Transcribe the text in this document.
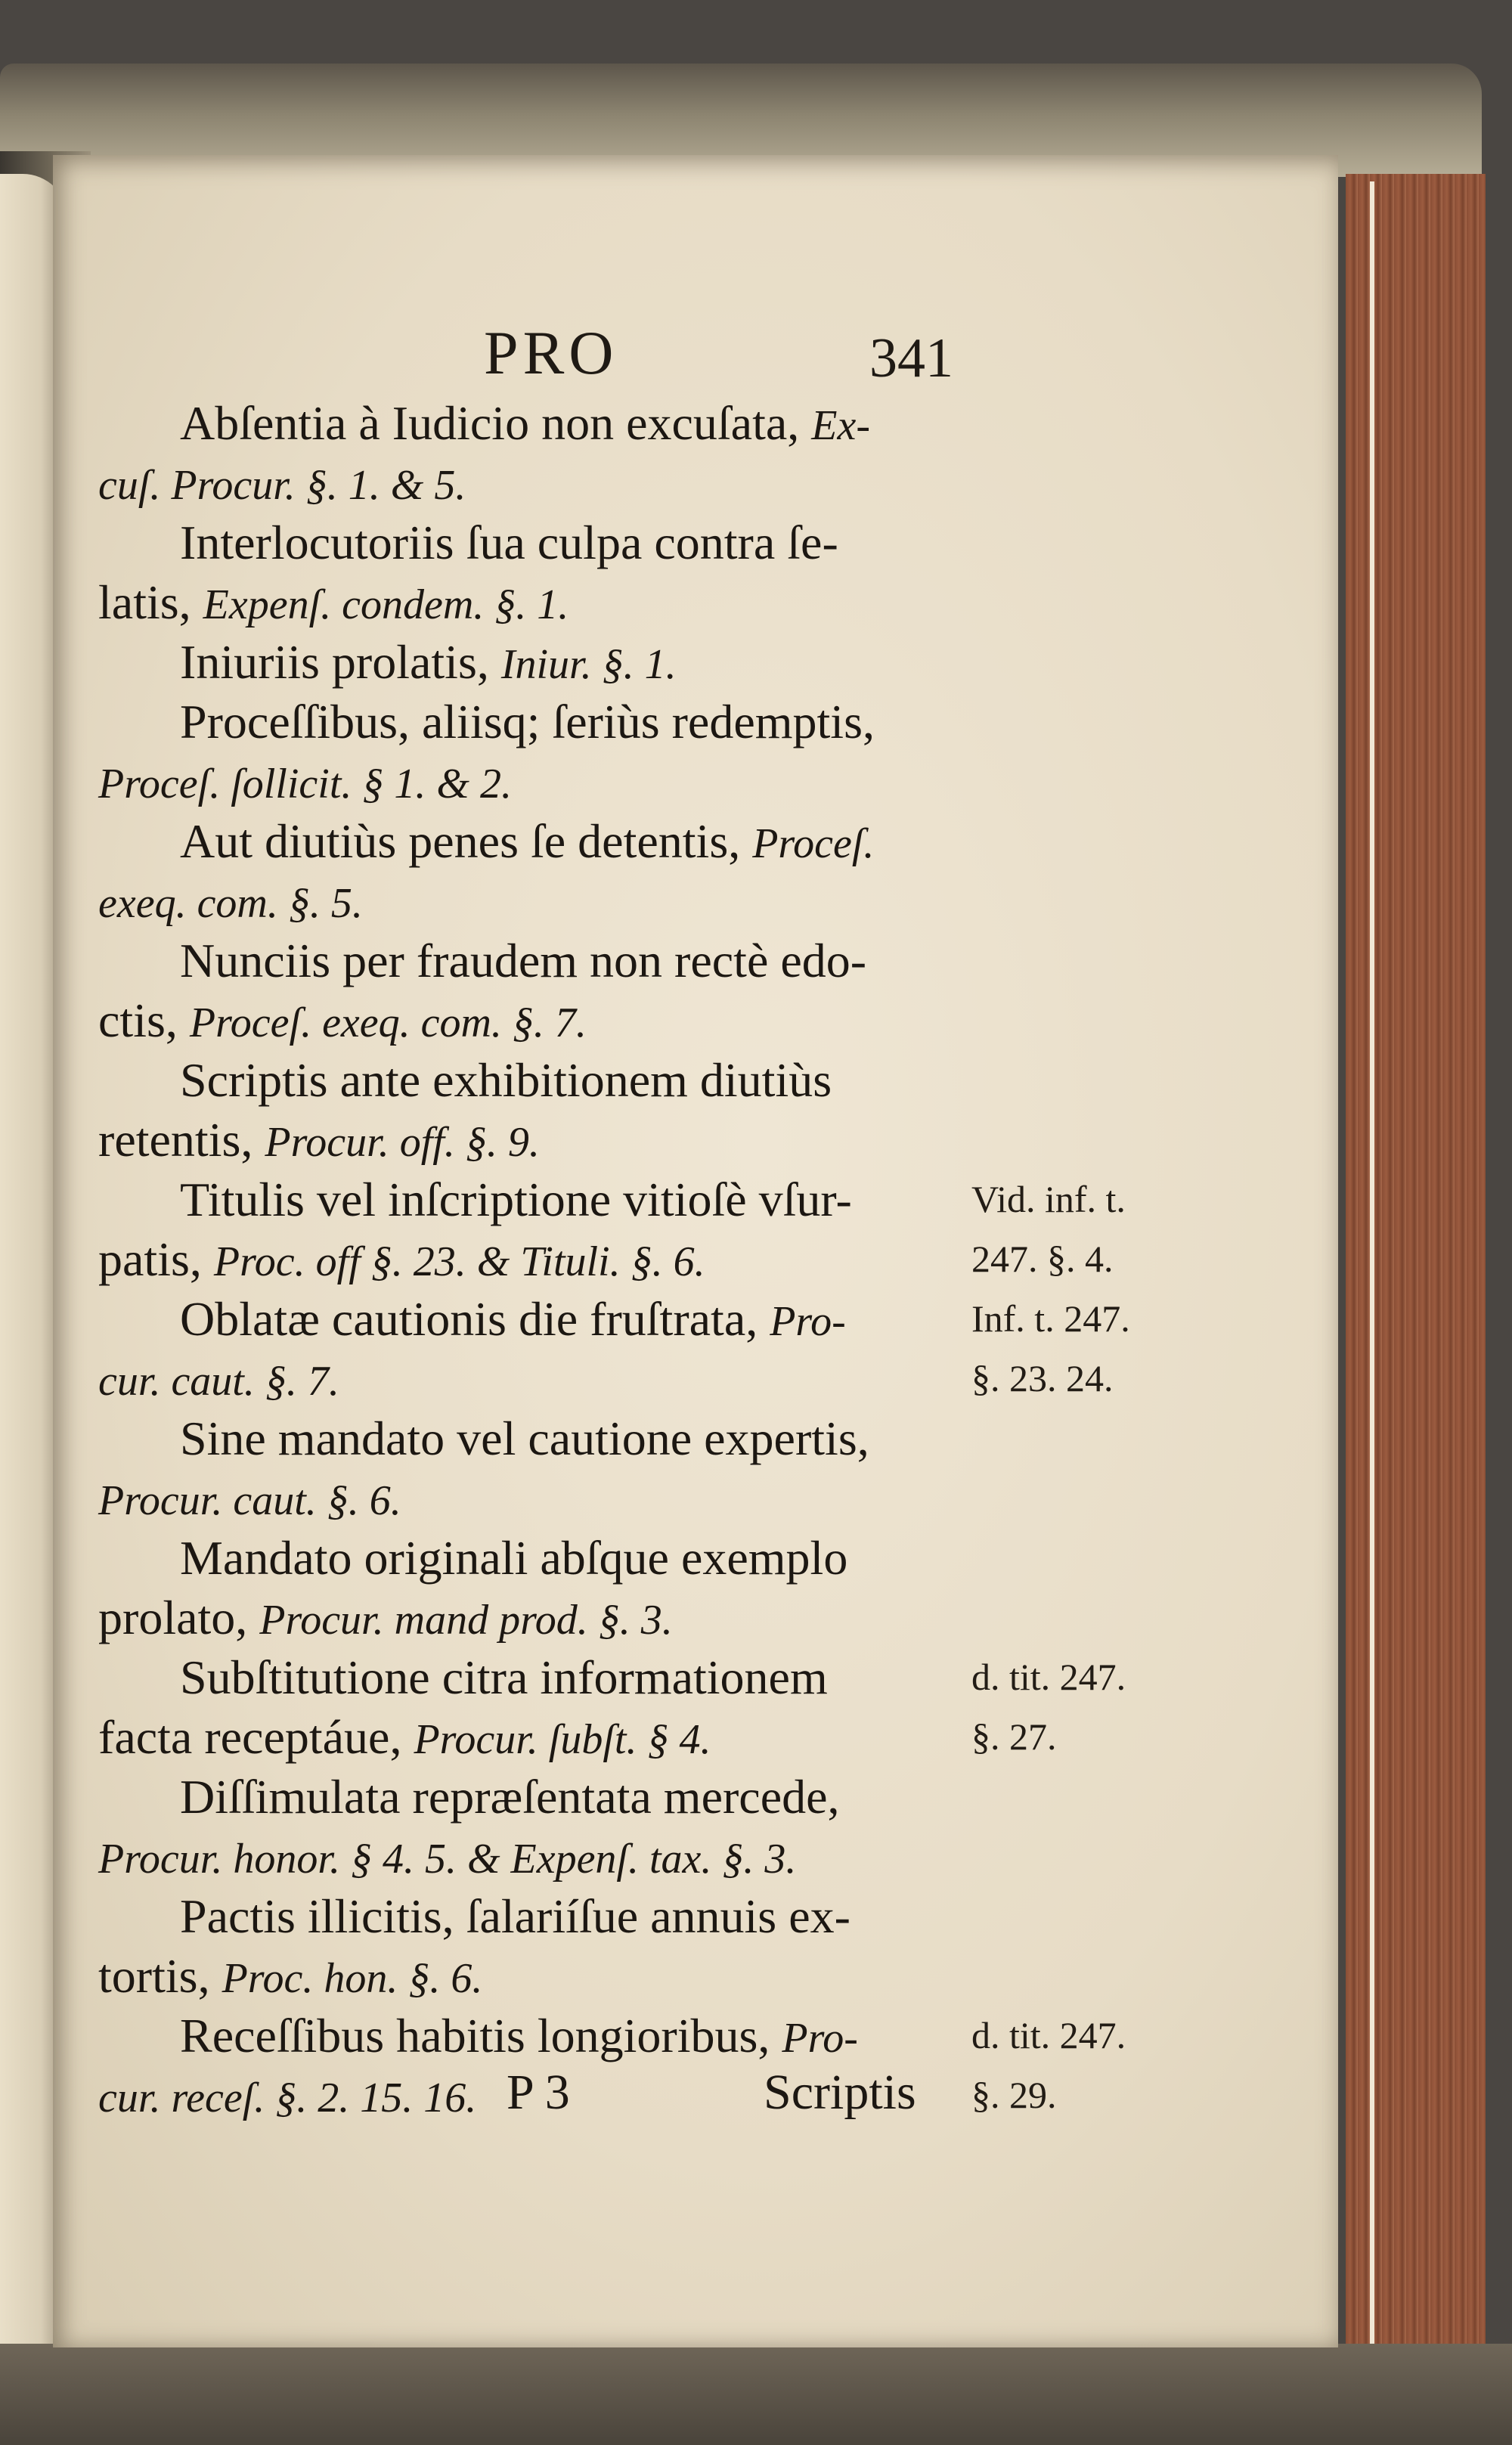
PRO	341
Abſentia à Iudicio non excuſata, Ex-
cuſ. Procur. §. 1. & 5.
Interlocutoriis ſua culpa contra ſe-
latis, Expenſ. condem. §. 1.
Iniuriis prolatis, Iniur. §. 1.
Proceſſibus, aliisq; ſeriùs redemptis,
Proceſ. ſollicit. § 1. & 2.
Aut diutiùs penes ſe detentis, Proceſ.
exeq. com. §. 5.
Nunciis per fraudem non rectè edo-
ctis, Proceſ. exeq. com. §. 7.
Scriptis ante exhibitionem diutiùs
retentis, Procur. off. §. 9.
Titulis vel inſcriptione vitioſè vſur-	Vid. inf. t.
patis, Proc. off §. 23. & Tituli. §. 6.	247. §. 4.
Oblatæ cautionis die fruſtrata, Pro-	Inf. t. 247.
cur. caut. §. 7.	§. 23. 24.
Sine mandato vel cautione expertis,
Procur. caut. §. 6.
Mandato originali abſque exemplo
prolato, Procur. mand prod. §. 3.
Subſtitutione citra informationem	d. tit. 247.
facta receptáue, Procur. ſubſt. § 4.	§. 27.
Diſſimulata repræſentata mercede,
Procur. honor. § 4. 5. & Expenſ. tax. §. 3.
Pactis illicitis, ſalariíſue annuis ex-
tortis, Proc. hon. §. 6.
Receſſibus habitis longioribus, Pro-	d. tit. 247.
cur. receſ. §. 2. 15. 16.	§. 29.
P 3	Scriptis
